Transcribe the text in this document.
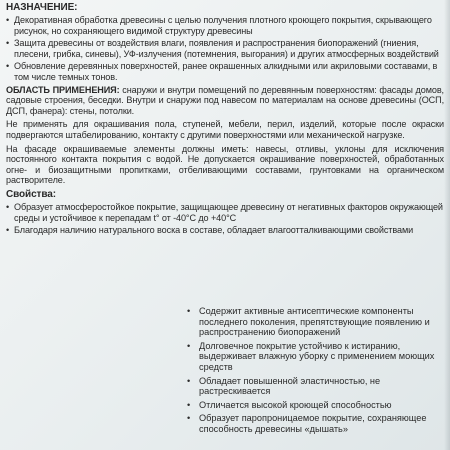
НАЗНАЧЕНИЕ:
• Декоративная обработка древесины с целью получения плотного кроющего покрытия, скрывающего рисунок, но сохраняющего видимой структуру древесины
• Защита древесины от воздействия влаги, появления и распространения биопоражений (гниения, плесени, грибка, синевы), УФ-излучения (потемнения, выгорания) и других атмосферных воздействий
• Обновление деревянных поверхностей, ранее окрашенных алкидными или акриловыми составами, в том числе темных тонов.

ОБЛАСТЬ ПРИМЕНЕНИЯ: снаружи и внутри помещений по деревянным поверхностям: фасады домов, садовые строения, беседки. Внутри и снаружи под навесом по материалам на основе древесины (ОСП, ДСП, фанера): стены, потолки.

Не применять для окрашивания пола, ступеней, мебели, перил, изделий, которые после окраски подвергаются штабелированию, контакту с другими поверхностями или механической нагрузке.

На фасаде окрашиваемые элементы должны иметь: навесы, отливы, уклоны для исключения постоянного контакта покрытия с водой. Не допускается окрашивание поверхностей, обработанных огне- и биозащитными пропитками, отбеливающими составами, грунтовками на органическом растворителе.

Свойства:
• Образует атмосферостойкое покрытие, защищающее древесину от негативных факторов окружающей среды и устойчивое к перепадам t° от -40°С до +40°С
• Благодаря наличию натурального воска в составе, обладает влагоотталкивающими свойствами
• Содержит активные антисептические компоненты последнего поколения, препятствующие появлению и распространению биопоражений
• Долговечное покрытие устойчиво к истиранию, выдерживает влажную уборку с применением моющих средств
• Обладает повышенной эластичностью, не растрескивается
• Отличается высокой кроющей способностью
• Образует паропроницаемое покрытие, сохраняющее способность древесины «дышать»
